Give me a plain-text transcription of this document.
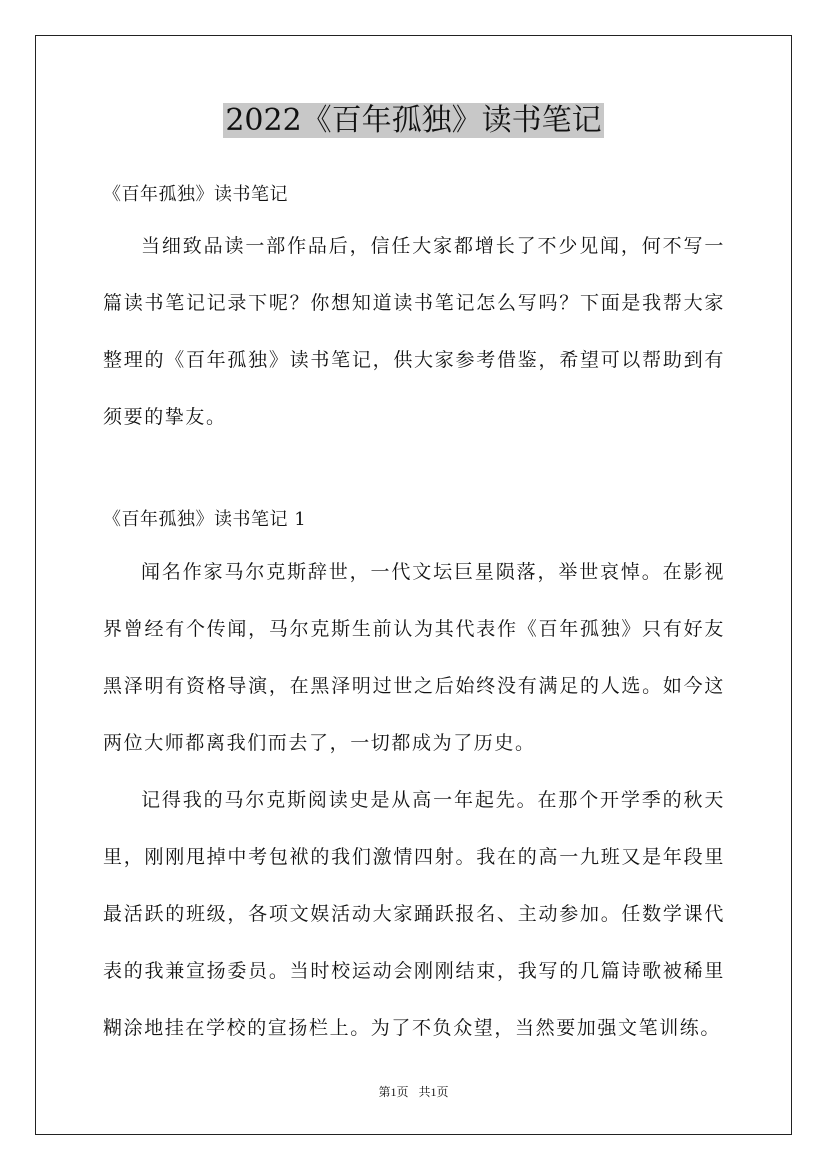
2022《百年孤独》读书笔记
《百年孤独》读书笔记

当细致品读一部作品后，信任大家都增长了不少见闻，何不写一篇读书笔记记录下呢？你想知道读书笔记怎么写吗？下面是我帮大家整理的《百年孤独》读书笔记，供大家参考借鉴，希望可以帮助到有须要的挚友。

《百年孤独》读书笔记 1

闻名作家马尔克斯辞世，一代文坛巨星陨落，举世哀悼。在影视界曾经有个传闻，马尔克斯生前认为其代表作《百年孤独》只有好友黑泽明有资格导演，在黑泽明过世之后始终没有满足的人选。如今这两位大师都离我们而去了，一切都成为了历史。

记得我的马尔克斯阅读史是从高一年起先。在那个开学季的秋天里，刚刚甩掉中考包袱的我们激情四射。我在的高一九班又是年段里最活跃的班级，各项文娱活动大家踊跃报名、主动参加。任数学课代表的我兼宣扬委员。当时校运动会刚刚结束，我写的几篇诗歌被稀里糊涂地挂在学校的宣扬栏上。为了不负众望，当然要加强文笔训练。

第1页 共1页
